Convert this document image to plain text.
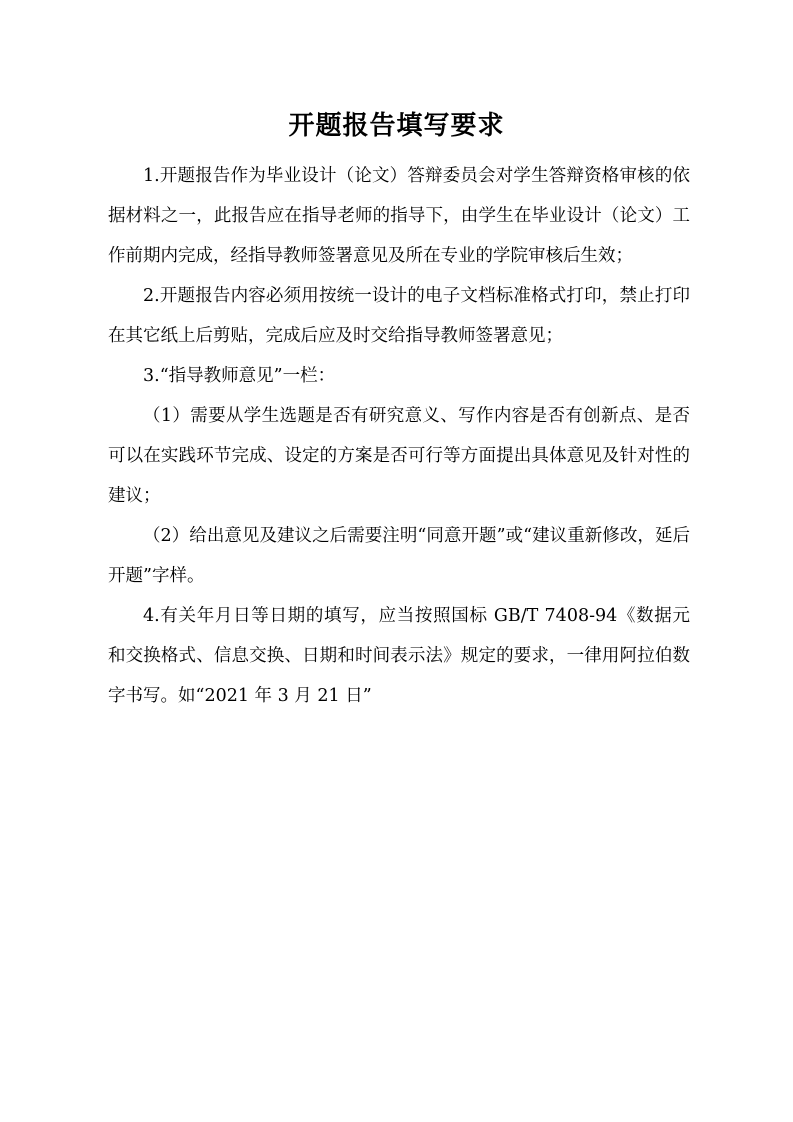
开题报告填写要求

1.开题报告作为毕业设计（论文）答辩委员会对学生答辩资格审核的依据材料之一，此报告应在指导老师的指导下，由学生在毕业设计（论文）工作前期内完成，经指导教师签署意见及所在专业的学院审核后生效；

2.开题报告内容必须用按统一设计的电子文档标准格式打印，禁止打印在其它纸上后剪贴，完成后应及时交给指导教师签署意见；

3.“指导教师意见”一栏：

（1）需要从学生选题是否有研究意义、写作内容是否有创新点、是否可以在实践环节完成、设定的方案是否可行等方面提出具体意见及针对性的建议；

（2）给出意见及建议之后需要注明“同意开题”或“建议重新修改，延后开题”字样。

4.有关年月日等日期的填写，应当按照国标 GB/T 7408-94《数据元和交换格式、信息交换、日期和时间表示法》规定的要求，一律用阿拉伯数字书写。如“2021 年 3 月 21 日”
